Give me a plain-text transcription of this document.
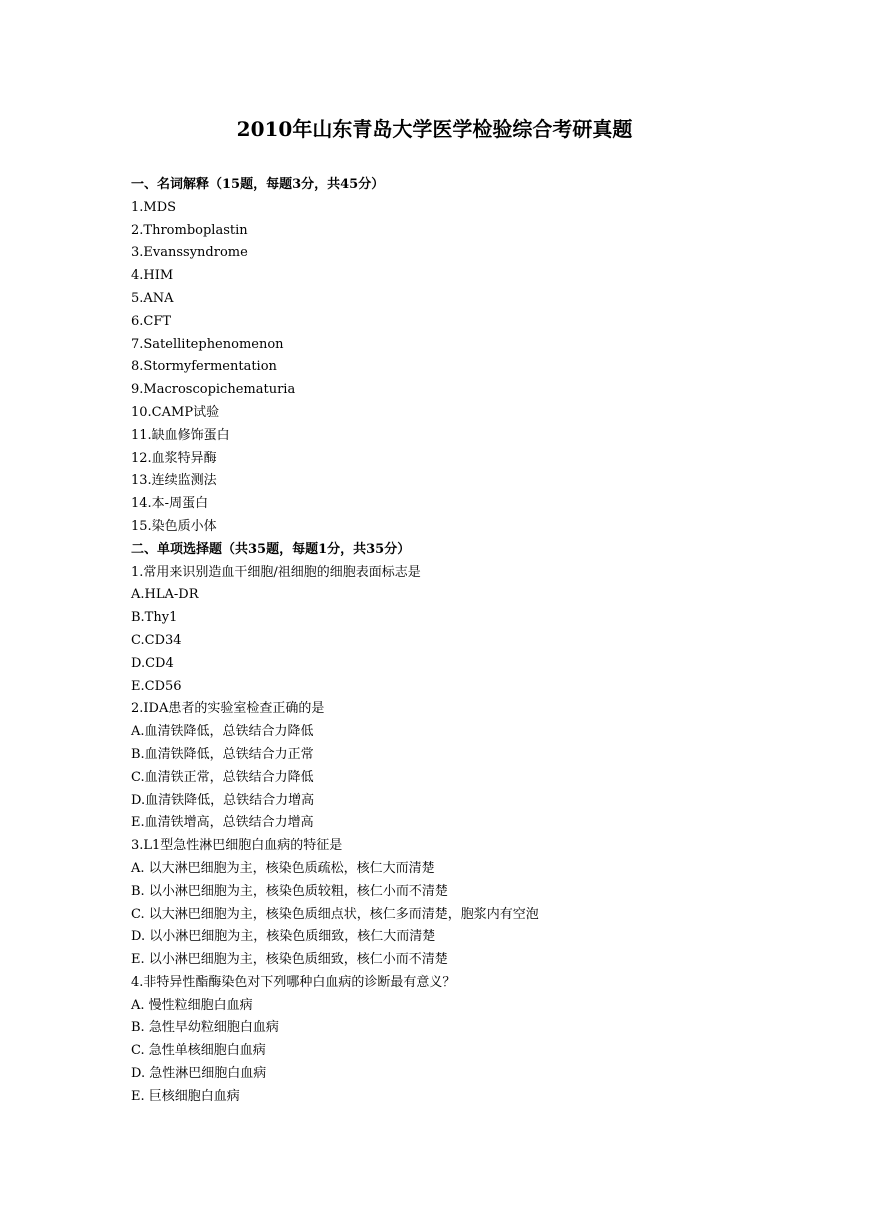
2010年山东青岛大学医学检验综合考研真题
一、名词解释（15题，每题3分，共45分）
1.MDS
2.Thromboplastin
3.Evanssyndrome
4.HIM
5.ANA
6.CFT
7.Satellitephenomenon
8.Stormyfermentation
9.Macroscopichematuria
10.CAMP试验
11.缺血修饰蛋白
12.血浆特异酶
13.连续监测法
14.本-周蛋白
15.染色质小体
二、单项选择题（共35题，每题1分，共35分）
1.常用来识别造血干细胞/祖细胞的细胞表面标志是
A.HLA-DR
B.Thy1
C.CD34
D.CD4
E.CD56
2.IDA患者的实验室检查正确的是
A.血清铁降低，总铁结合力降低
B.血清铁降低，总铁结合力正常
C.血清铁正常，总铁结合力降低
D.血清铁降低，总铁结合力增高
E.血清铁增高，总铁结合力增高
3.L1型急性淋巴细胞白血病的特征是
A. 以大淋巴细胞为主，核染色质疏松，核仁大而清楚
B. 以小淋巴细胞为主，核染色质较粗，核仁小而不清楚
C. 以大淋巴细胞为主，核染色质细点状，核仁多而清楚，胞浆内有空泡
D. 以小淋巴细胞为主，核染色质细致，核仁大而清楚
E. 以小淋巴细胞为主，核染色质细致，核仁小而不清楚
4.非特异性酯酶染色对下列哪种白血病的诊断最有意义？
A. 慢性粒细胞白血病
B. 急性早幼粒细胞白血病
C. 急性单核细胞白血病
D. 急性淋巴细胞白血病
E. 巨核细胞白血病
